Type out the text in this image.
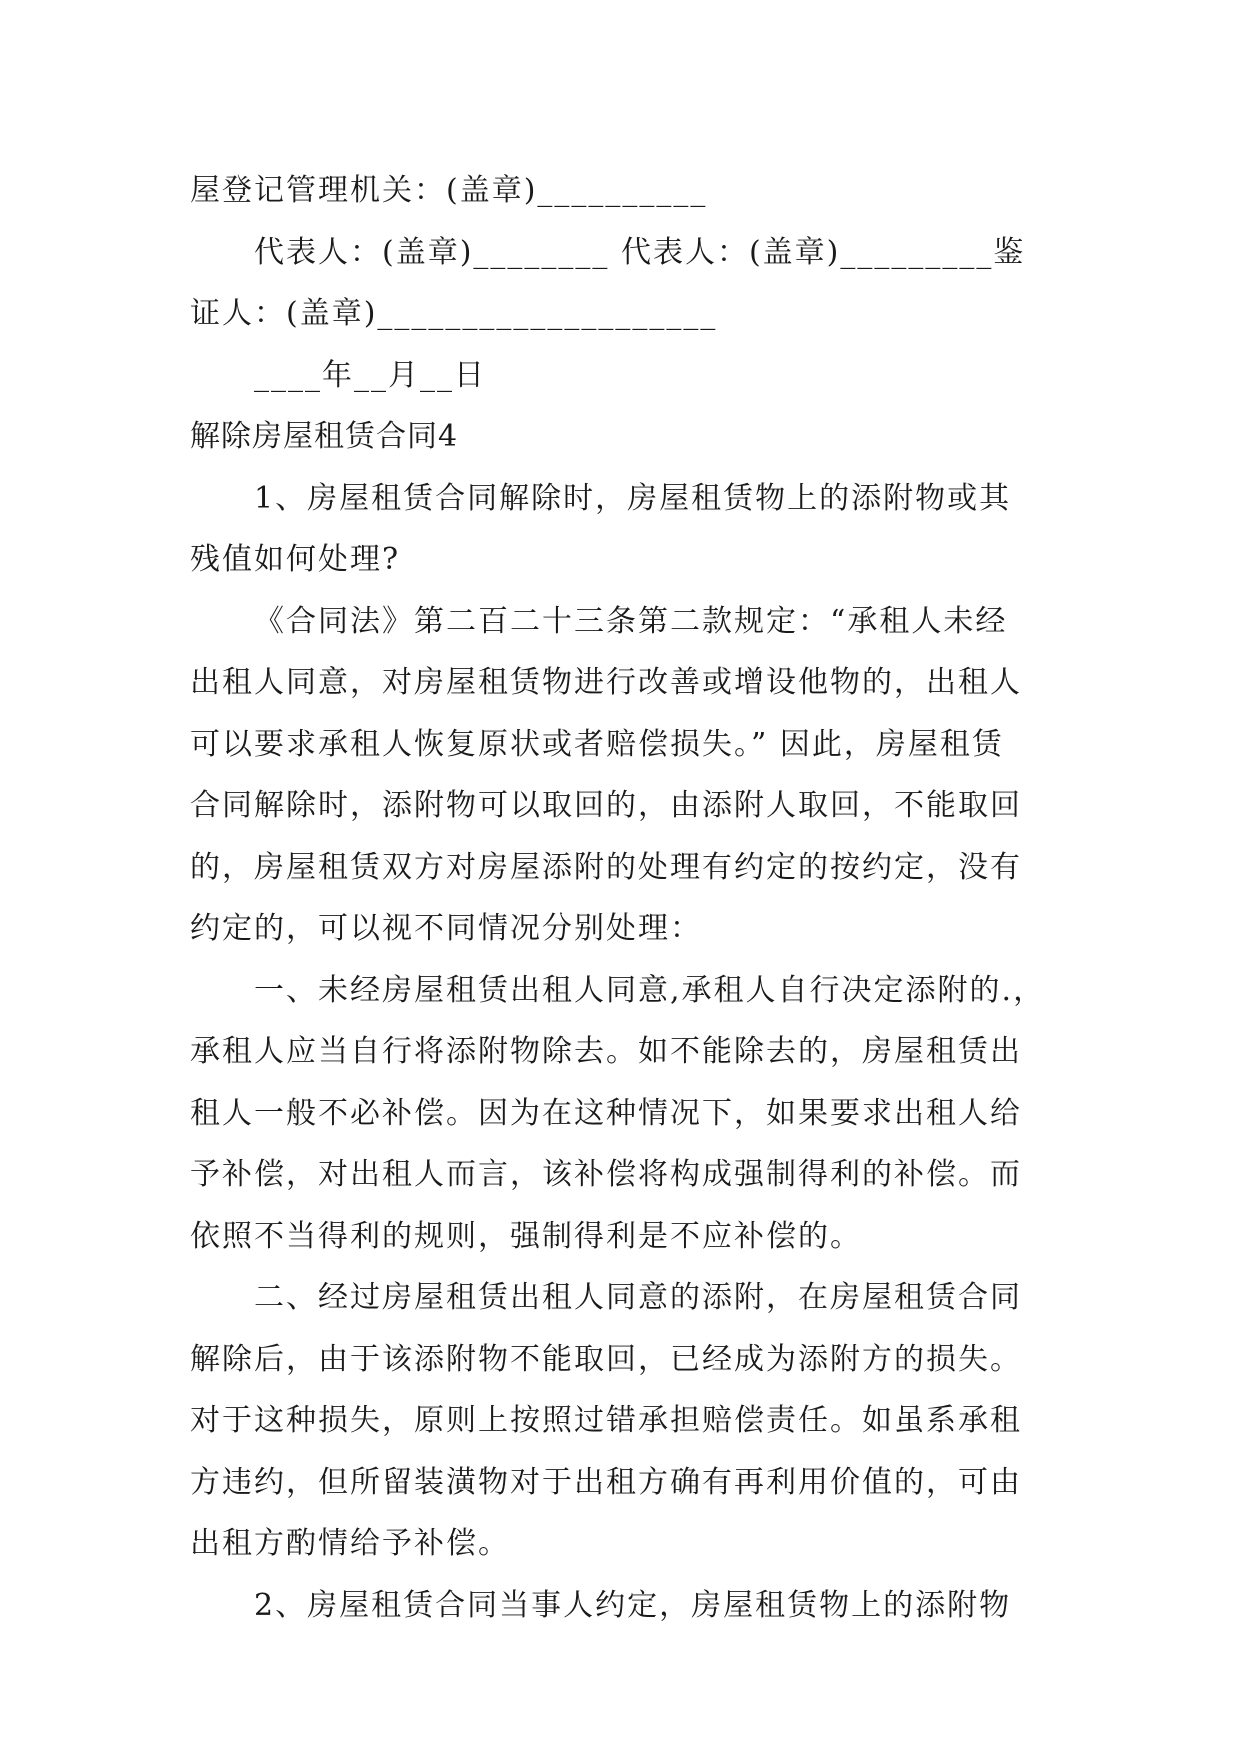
屋登记管理机关：(盖章)__________
代表人：(盖章)________ 代表人：(盖章)_________鉴
证人：(盖章)____________________
____年__月__日
解除房屋租赁合同4
1、房屋租赁合同解除时，房屋租赁物上的添附物或其
残值如何处理?
《合同法》第二百二十三条第二款规定：“承租人未经
出租人同意，对房屋租赁物进行改善或增设他物的，出租人
可以要求承租人恢复原状或者赔偿损失。” 因此，房屋租赁
合同解除时，添附物可以取回的，由添附人取回，不能取回
的，房屋租赁双方对房屋添附的处理有约定的按约定，没有
约定的，可以视不同情况分别处理：
一、未经房屋租赁出租人同意,承租人自行决定添附的.，
承租人应当自行将添附物除去。如不能除去的，房屋租赁出
租人一般不必补偿。因为在这种情况下，如果要求出租人给
予补偿，对出租人而言，该补偿将构成强制得利的补偿。而
依照不当得利的规则，强制得利是不应补偿的。
二、经过房屋租赁出租人同意的添附，在房屋租赁合同
解除后，由于该添附物不能取回，已经成为添附方的损失。
对于这种损失，原则上按照过错承担赔偿责任。如虽系承租
方违约，但所留装潢物对于出租方确有再利用价值的，可由
出租方酌情给予补偿。
2、房屋租赁合同当事人约定，房屋租赁物上的添附物
